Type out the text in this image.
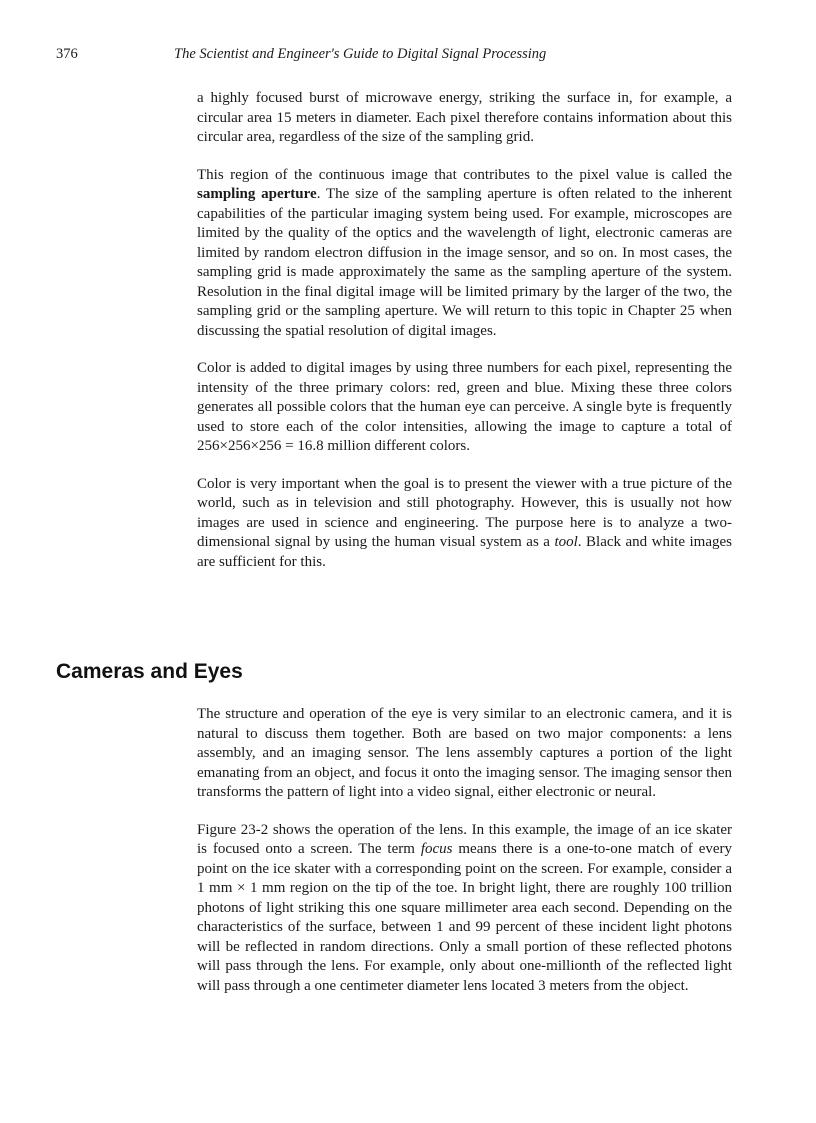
376	The Scientist and Engineer's Guide to Digital Signal Processing

a highly focused burst of microwave energy, striking the surface in, for example, a circular area 15 meters in diameter. Each pixel therefore contains information about this circular area, regardless of the size of the sampling grid.

This region of the continuous image that contributes to the pixel value is called the sampling aperture. The size of the sampling aperture is often related to the inherent capabilities of the particular imaging system being used. For example, microscopes are limited by the quality of the optics and the wavelength of light, electronic cameras are limited by random electron diffusion in the image sensor, and so on. In most cases, the sampling grid is made approximately the same as the sampling aperture of the system. Resolution in the final digital image will be limited primary by the larger of the two, the sampling grid or the sampling aperture. We will return to this topic in Chapter 25 when discussing the spatial resolution of digital images.

Color is added to digital images by using three numbers for each pixel, representing the intensity of the three primary colors: red, green and blue. Mixing these three colors generates all possible colors that the human eye can perceive. A single byte is frequently used to store each of the color intensities, allowing the image to capture a total of 256×256×256 = 16.8 million different colors.

Color is very important when the goal is to present the viewer with a true picture of the world, such as in television and still photography. However, this is usually not how images are used in science and engineering. The purpose here is to analyze a two-dimensional signal by using the human visual system as a tool. Black and white images are sufficient for this.

Cameras and Eyes

The structure and operation of the eye is very similar to an electronic camera, and it is natural to discuss them together. Both are based on two major components: a lens assembly, and an imaging sensor. The lens assembly captures a portion of the light emanating from an object, and focus it onto the imaging sensor. The imaging sensor then transforms the pattern of light into a video signal, either electronic or neural.

Figure 23-2 shows the operation of the lens. In this example, the image of an ice skater is focused onto a screen. The term focus means there is a one-to-one match of every point on the ice skater with a corresponding point on the screen. For example, consider a 1 mm × 1 mm region on the tip of the toe. In bright light, there are roughly 100 trillion photons of light striking this one square millimeter area each second. Depending on the characteristics of the surface, between 1 and 99 percent of these incident light photons will be reflected in random directions. Only a small portion of these reflected photons will pass through the lens. For example, only about one-millionth of the reflected light will pass through a one centimeter diameter lens located 3 meters from the object.
